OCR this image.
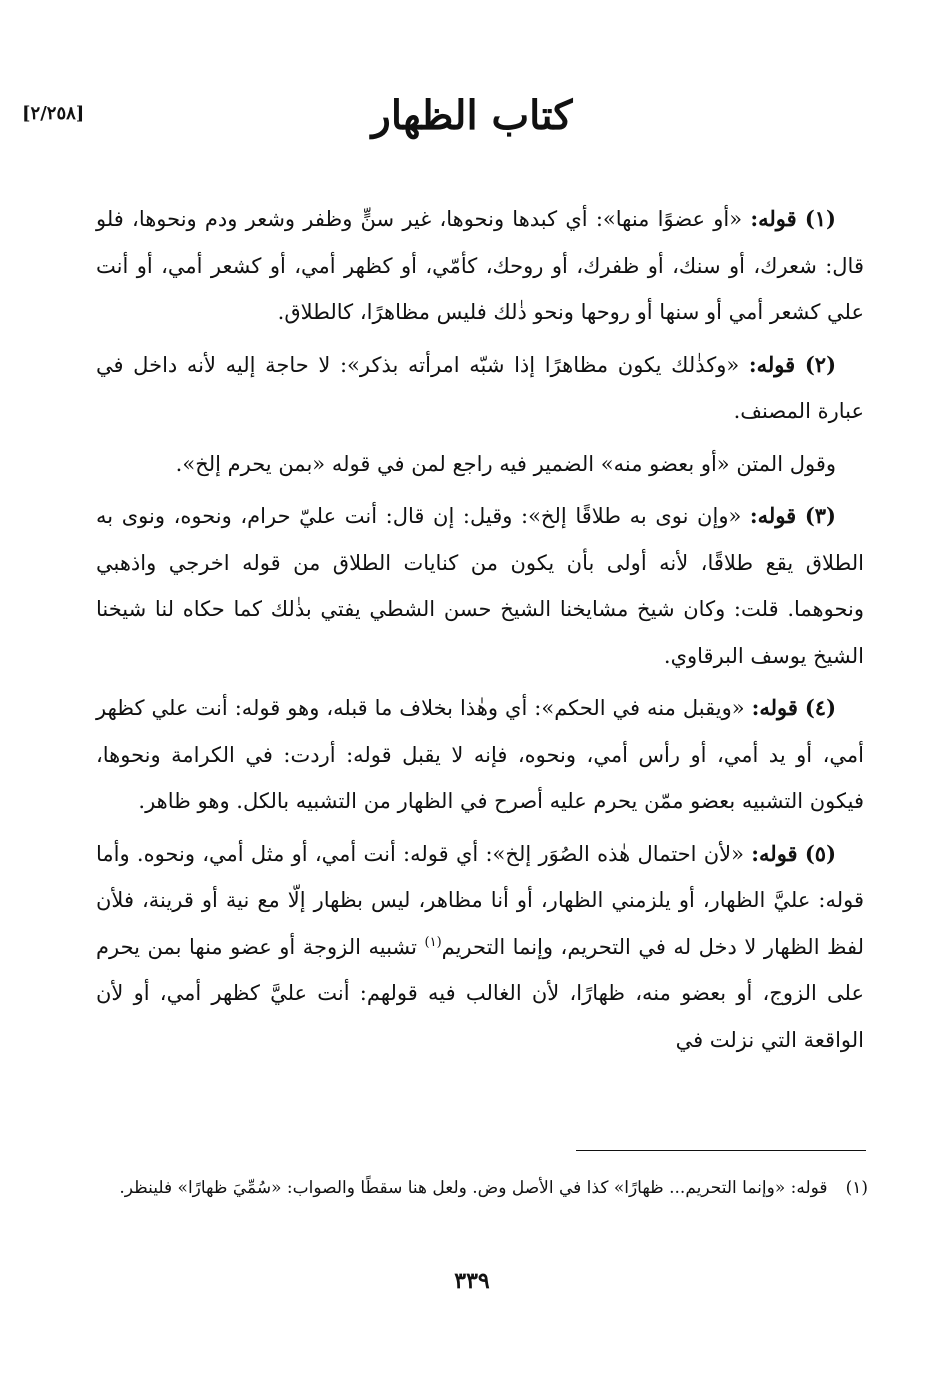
كتاب الظهار
[٢/٢٥٨]

(١) قوله: «أو عضوًا منها»: أي كبدها ونحوها، غير سنٍّ وظفر وشعر ودم ونحوها، فلو قال: شعرك، أو سنك، أو ظفرك، أو روحك، كأمّي، أو كظهر أمي، أو كشعر أمي، أو أنت علي كشعر أمي أو سنها أو روحها ونحو ذٰلك فليس مظاهرًا، كالطلاق.

(٢) قوله: «وكذٰلك يكون مظاهرًا إذا شبّه امرأته بذكر»: لا حاجة إليه لأنه داخل في عبارة المصنف.

وقول المتن «أو بعضو منه» الضمير فيه راجع لمن في قوله «بمن يحرم إلخ».

(٣) قوله: «وإن نوى به طلاقًا إلخ»: وقيل: إن قال: أنت عليّ حرام، ونحوه، ونوى به الطلاق يقع طلاقًا، لأنه أولى بأن يكون من كنايات الطلاق من قوله اخرجي واذهبي ونحوهما. قلت: وكان شيخ مشايخنا الشيخ حسن الشطي يفتي بذٰلك كما حكاه لنا شيخنا الشيخ يوسف البرقاوي.

(٤) قوله: «ويقبل منه في الحكم»: أي وهٰذا بخلاف ما قبله، وهو قوله: أنت علي كظهر أمي، أو يد أمي، أو رأس أمي، ونحوه، فإنه لا يقبل قوله: أردت: في الكرامة ونحوها، فيكون التشبيه بعضو ممّن يحرم عليه أصرح في الظهار من التشبيه بالكل. وهو ظاهر.

(٥) قوله: «لأن احتمال هٰذه الصُوَر إلخ»: أي قوله: أنت أمي، أو مثل أمي، ونحوه. وأما قوله: عليَّ الظهار، أو يلزمني الظهار، أو أنا مظاهر، ليس بظهار إلّا مع نية أو قرينة، فلأن لفظ الظهار لا دخل له في التحريم، وإنما التحريم$^{(١)}$ تشبيه الزوجة أو عضو منها بمن يحرم على الزوج، أو بعضو منه، ظهارًا، لأن الغالب فيه قولهم: أنت عليَّ كظهر أمي، أو لأن الواقعة التي نزلت في

(١)قوله: «وإنما التحريم... ظهارًا» كذا في الأصل وض. ولعل هنا سقطًا والصواب: «سُمِّيَ ظهارًا» فلينظر.

٣٣٩
